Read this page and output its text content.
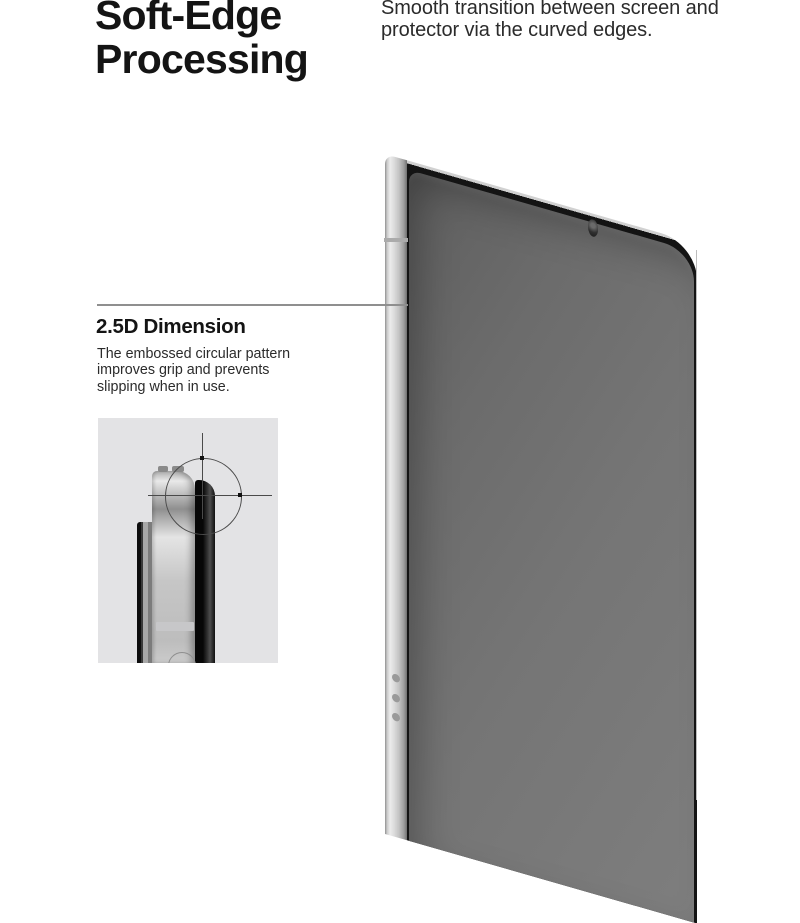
Soft-Edge
Processing
Smooth transition between screen and
protector via the curved edges.
2.5D Dimension
The embossed circular pattern
improves grip and prevents
slipping when in use.
